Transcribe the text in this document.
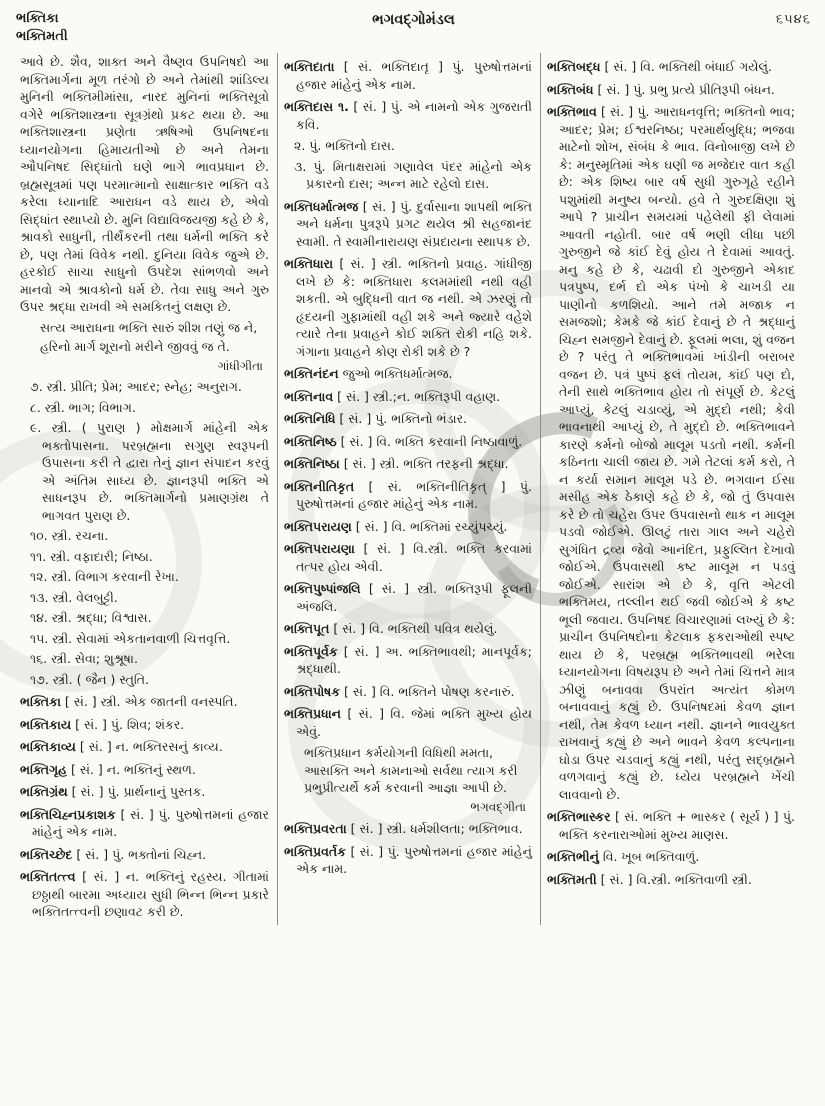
ભક્તિકા
ભક્તિમતી
ભગવદ્ગોમંડલ	૬૫૪૬
આવે છે. શૈવ, શાક્ત અને વૈષ્ણવ ઉપનિષદો આ ભક્તિમાર્ગના મૂળ તરંગો છે અને તેમાંથી શાંડિલ્ય મુનિની ભક્તિમીમાંસા, નારદ મુનિનાં ભક્તિસૂત્રો વગેરે ભક્તિશાસ્ત્રના સૂત્રગ્રંથો પ્રકટ થયા છે. આ ભક્તિશાસ્ત્રના પ્રણેતા ઋષિઓ ઉપનિષદના ધ્યાનયોગના હિમાયતીઓ છે અને તેમના ઔપનિષદ સિદ્ધાંતો ઘણે ભાગે ભાવપ્રધાન છે. બ્રહ્મસૂત્રમાં પણ પરમાત્માનો સાક્ષાત્કાર ભક્તિ વડે કરેલા ધ્યાનાદિ આરાધન વડે થાય છે, એવો સિદ્ધાંત સ્થાપ્યો છે. મુનિ વિદ્યાવિજયજી કહે છે કે, શ્રાવકો સાધુની, તીર્થંકરની તથા ધર્મની ભક્તિ કરે છે, પણ તેમાં વિવેક નથી. દુનિયા વિવેક જુએ છે. હરકોઈ સાચા સાધુનો ઉપદેશ સાંભળવો અને માનવો એ શ્રાવકોનો ધર્મ છે. તેવા સાધુ અને ગુરુ ઉપર શ્રદ્ધા રાખવી એ સમકિતનું લક્ષણ છે.
સત્ય આરાધના ભક્તિ સારું શીશ તણું જ ને,
હરિનો માર્ગ શૂરાનો મરીને જીવવું જ તે.
ગાંધીગીતા
૭. સ્ત્રી. પ્રીતિ; પ્રેમ; આદર; સ્નેહ; અનુરાગ.
૮. સ્ત્રી. ભાગ; વિભાગ.
૯. સ્ત્રી. ( પુરાણ ) મોક્ષમાર્ગ માંહેની એક ભક્તોપાસના. પરબ્રહ્મના સગુણ સ્વરૂપની ઉપાસના કરી તે દ્વારા તેનું જ્ઞાન સંપાદન કરવું એ અંતિમ સાધ્ય છે. જ્ઞાનરૂપી ભક્તિ એ સાધનરૂપ છે. ભક્તિમાર્ગનો પ્રમાણગ્રંથ તે ભાગવત પુરાણ છે.
૧૦. સ્ત્રી. રચના.
૧૧. સ્ત્રી. વફાદારી; નિષ્ઠા.
૧૨. સ્ત્રી. વિભાગ કરવાની રેખા.
૧૩. સ્ત્રી. વેલબુટ્ટી.
૧૪. સ્ત્રી. શ્રદ્ધા; વિશ્વાસ.
૧૫. સ્ત્રી. સેવામાં એકતાનવાળી ચિત્તવૃત્તિ.
૧૬. સ્ત્રી. સેવા; શુશ્રૂષા.
૧૭. સ્ત્રી. ( જૈન ) સ્તુતિ.
ભક્તિકા [ સં. ] સ્ત્રી. એક જાતની વનસ્પતિ.
ભક્તિકાય [ સં. ] પું. શિવ; શંકર.
ભક્તિકાવ્ય [ સં. ] ન. ભક્તિરસનું કાવ્ય.
ભક્તિગૃહ [ સં. ] ન. ભક્તિનું સ્થળ.
ભક્તિગ્રંથ [ સં. ] પું. પ્રાર્થનાનું પુસ્તક.
ભક્તિચિહ્નપ્રકાશક [ સં. ] પું. પુરુષોત્તમનાં હજાર માંહેનું એક નામ.
ભક્તિચ્છેદ [ સં. ] પું. ભક્તોનાં ચિહ્ન.
ભક્તિતત્ત્વ [ સં. ] ન. ભક્તિનું રહસ્ય. ગીતામાં છઠ્ઠાથી બારમા અધ્યાય સુધી ભિન્ન ભિન્ન પ્રકારે ભક્તિતત્ત્વની છણાવટ કરી છે.
ભક્તિદાતા [ સં. ભક્તિદાતૃ ] પું. પુરુષોત્તમનાં હજાર માંહેનું એક નામ.
ભક્તિદાસ ૧. [ સં. ] પું. એ નામનો એક ગુજરાતી કવિ.
૨. પું. ભક્તિનો દાસ.
૩. પું. મિતાક્ષરામાં ગણાવેલ પંદર માંહેનો એક પ્રકારનો દાસ; અન્ન માટે રહેલો દાસ.
ભક્તિધર્માત્મજ [ સં. ] પું. દુર્વાસાના શાપથી ભક્તિ અને ધર્મના પુત્રરૂપે પ્રગટ થયેલ શ્રી સહજાનંદ સ્વામી. તે સ્વામીનારાયણ સંપ્રદાયના સ્થાપક છે.
ભક્તિધારા [ સં. ] સ્ત્રી. ભક્તિનો પ્રવાહ. ગાંધીજી લખે છે કે: ભક્તિધારા કલમમાંથી નથી વહી શકતી. એ બુદ્ધિની વાત જ નથી. એ ઝરણું તો હૃદયની ગુફામાંથી વહી શકે અને જ્યારે વહેશે ત્યારે તેના પ્રવાહને કોઈ શક્તિ રોકી નહિ શકે. ગંગાના પ્રવાહને કોણ રોકી શકે છે ?
ભક્તિનંદન જુઓ ભક્તિધર્માત્મજ.
ભક્તિનાવ [ સં. ] સ્ત્રી.;ન. ભક્તિરૂપી વહાણ.
ભક્તિનિધિ [ સં. ] પું. ભક્તિનો ભંડાર.
ભક્તિનિષ્ઠ [ સં. ] વિ. ભક્તિ કરવાની નિષ્ઠાવાળું.
ભક્તિનિષ્ઠા [ સં. ] સ્ત્રી. ભક્તિ તરફની શ્રદ્ધા.
ભક્તિનીતિકૃત [ સં. ભક્તિનીતિકૃત્ ] પું. પુરુષોત્તમનાં હજાર માંહેનું એક નામ.
ભક્તિપરાયણ [ સં. ] વિ. ભક્તિમાં રચ્યુંપચ્યું.
ભક્તિપરાયણા [ સં. ] વિ.સ્ત્રી. ભક્તિ કરવામાં તત્પર હોય એવી.
ભક્તિપુષ્પાંજલિ [ સં. ] સ્ત્રી. ભક્તિરૂપી ફૂલની અંજલિ.
ભક્તિપૂત [ સં. ] વિ. ભક્તિથી પવિત્ર થયેલું.
ભક્તિપૂર્વક [ સં. ] અ. ભક્તિભાવથી; માનપૂર્વક; શ્રદ્ધાથી.
ભક્તિપોષક [ સં. ] વિ. ભક્તિને પોષણ કરનારું.
ભક્તિપ્રધાન [ સં. ] વિ. જેમાં ભક્તિ મુખ્ય હોય એવું.
ભક્તિપ્રધાન કર્મયોગની વિધિથી મમતા, આસક્તિ અને કામનાઓ સર્વથા ત્યાગ કરી પ્રભુપ્રીત્યર્થે કર્મ કરવાની આજ્ઞા આપી છે.
ભગવદ્ગીતા
ભક્તિપ્રવરતા [ સં. ] સ્ત્રી. ધર્મશીલતા; ભક્તિભાવ.
ભક્તિપ્રવર્તક [ સં. ] પું. પુરુષોત્તમનાં હજાર માંહેનું એક નામ.
ભક્તિબદ્ધ [ સં. ] વિ. ભક્તિથી બંધાઈ ગયેલું.
ભક્તિબંધ [ સં. ] પું. પ્રભુ પ્રત્યે પ્રીતિરૂપી બંધન.
ભક્તિભાવ [ સં. ] પું. આરાધનવૃત્તિ; ભક્તિનો ભાવ; આદર; પ્રેમ; ઈશ્વરનિષ્ઠા; પરમાર્થબુદ્ધિ; ભજવા માટેનો શોખ, સંબંધ કે ભાવ. વિનોબાજી લખે છે કે: મનુસ્મૃતિમાં એક ઘણી જ મજેદાર વાત કહી છે: એક શિષ્ય બાર વર્ષ સુધી ગુરુગૃહે રહીને પશુમાંથી મનુષ્ય બન્યો. હવે તે ગુરુદક્ષિણા શું આપે ? પ્રાચીન સમયમાં પહેલેથી ફી લેવામાં આવતી નહોતી. બાર વર્ષ ભણી લીધા પછી ગુરુજીને જે કાંઈ દેવું હોય તે દેવામાં આવતું. મનુ કહે છે કે, ચઢાવી દો ગુરુજીને એકાદ પત્રપુષ્પ, દર્ભ દો એક પંખો કે ચાખડી યા પાણીનો કળશિયો. આને તમે મજાક ન સમજશો; કેમકે જે કાંઈ દેવાનું છે તે શ્રદ્ધાનું ચિહ્ન સમજીને દેવાનું છે. ફૂલમાં ભલા, શું વજન છે ? પરંતુ તે ભક્તિભાવમાં ખાંડીની બરાબર વજન છે. પત્રં પુષ્પં ફલં તોયમ, કાંઈ પણ દો, તેની સાથે ભક્તિભાવ હોય તો સંપૂર્ણ છે. કેટલું આપ્યું, કેટલું ચડાવ્યું, એ મુદ્દો નથી; કેવી ભાવનાથી આપ્યું છે, તે મુદ્દો છે. ભક્તિભાવને કારણે કર્મનો બોજો માલૂમ પડતો નથી. કર્મની કઠિનતા ચાલી જાય છે. ગમે તેટલાં કર્મ કરો, તે ન કર્યા સમાન માલૂમ પડે છે. ભગવાન ઈસા મસીહ એક ઠેકાણે કહે છે કે, જો તું ઉપવાસ કરે છે તો ચહેરા ઉપર ઉપવાસનો થાક ન માલૂમ પડવો જોઈએ. ઊલટું તારા ગાલ અને ચહેરો સુગંધિત દ્રવ્ય જેવો આનંદિત, પ્રફુલ્લિત દેખાવો જોઈએ. ઉપવાસથી કષ્ટ માલૂમ ન પડવું જોઈએ. સારાંશ એ છે કે, વૃત્તિ એટલી ભક્તિમય, તલ્લીન થઈ જવી જોઈએ કે કષ્ટ ભૂલી જવાય. ઉપનિષદ વિચારણામાં લખ્યું છે કે: પ્રાચીન ઉપનિષદોના કેટલાક ફકરાઓથી સ્પષ્ટ થાય છે કે, પરબ્રહ્મ ભક્તિભાવથી ભરેલા ધ્યાનયોગના વિષયરૂપ છે અને તેમાં ચિત્તને માત્ર ઝીણું બનાવવા ઉપરાંત અત્યંત કોમળ બનાવવાનું કહ્યું છે. ઉપનિષદમાં કેવળ જ્ઞાન નથી, તેમ કેવળ ધ્યાન નથી. જ્ઞાનને ભાવયુક્ત રાખવાનું કહ્યું છે અને ભાવને કેવળ કલ્પનાના ઘોડા ઉપર ચડવાનું કહ્યું નથી, પરંતુ સદ્બ્રહ્મને વળગવાનું કહ્યું છે. ધ્યેય પરબ્રહ્મને ખેંચી લાવવાનો છે.
ભક્તિભાસ્કર [ સં. ભક્તિ + ભાસ્કર ( સૂર્ય ) ] પું. ભક્તિ કરનારાઓમાં મુખ્ય માણસ.
ભક્તિભીનું વિ. ખૂબ ભક્તિવાળું.
ભક્તિમતી [ સં. ] વિ.સ્ત્રી. ભક્તિવાળી સ્ત્રી.
